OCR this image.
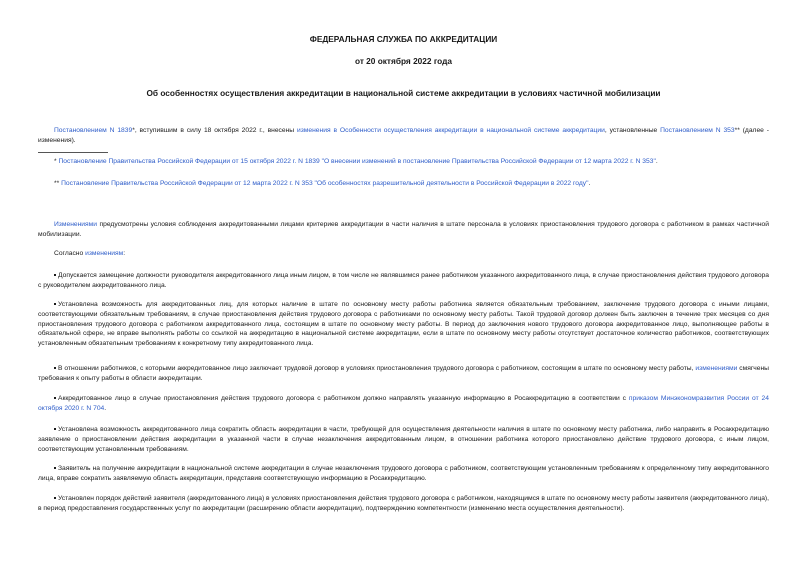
ФЕДЕРАЛЬНАЯ СЛУЖБА ПО АККРЕДИТАЦИИ
от 20 октября 2022 года
Об особенностях осуществления аккредитации в национальной системе аккредитации в условиях частичной мобилизации
Постановлением N 1839*, вступившим в силу 18 октября 2022 г., внесены изменения в Особенности осуществления аккредитации в национальной системе аккредитации, установленные Постановлением N 353** (далее - изменения).
* Постановление Правительства Российской Федерации от 15 октября 2022 г. N 1839 "О внесении изменений в постановление Правительства Российской Федерации от 12 марта 2022 г. N 353".
** Постановление Правительства Российской Федерации от 12 марта 2022 г. N 353 "Об особенностях разрешительной деятельности в Российской Федерации в 2022 году".
Изменениями предусмотрены условия соблюдения аккредитованными лицами критериев аккредитации в части наличия в штате персонала в условиях приостановления трудового договора с работником в рамках частичной мобилизации.
Согласно изменениям:
Допускается замещение должности руководителя аккредитованного лица иным лицом, в том числе не являвшимся ранее работником указанного аккредитованного лица, в случае приостановления действия трудового договора с руководителем аккредитованного лица.
Установлена возможность для аккредитованных лиц, для которых наличие в штате по основному месту работы работника является обязательным требованием, заключение трудового договора с иными лицами, соответствующими обязательным требованиям, в случае приостановления действия трудового договора с работниками по основному месту работы. Такой трудовой договор должен быть заключен в течение трех месяцев со дня приостановления трудового договора с работником аккредитованного лица, состоящим в штате по основному месту работы. В период до заключения нового трудового договора аккредитованное лицо, выполняющее работы в обязательной сфере, не вправе выполнять работы со ссылкой на аккредитацию в национальной системе аккредитации, если в штате по основному месту работы отсутствует достаточное количество работников, соответствующих установленным обязательным требованиям к конкретному типу аккредитованного лица.
В отношении работников, с которыми аккредитованное лицо заключает трудовой договор в условиях приостановления трудового договора с работником, состоящим в штате по основному месту работы, изменениями смягчены требования к опыту работы в области аккредитации.
Аккредитованное лицо в случае приостановления действия трудового договора с работником должно направлять указанную информацию в Росаккредитацию в соответствии с приказом Минэкономразвития России от 24 октября 2020 г. N 704.
Установлена возможность аккредитованного лица сократить область аккредитации в части, требующей для осуществления деятельности наличия в штате по основному месту работника, либо направить в Росаккредитацию заявление о приостановлении действия аккредитации в указанной части в случае незаключения аккредитованным лицом, в отношении работника которого приостановлено действие трудового договора, с иным лицом, соответствующим установленным требованиям.
Заявитель на получение аккредитации в национальной системе аккредитации в случае незаключения трудового договора с работником, соответствующим установленным требованиям к определенному типу аккредитованного лица, вправе сократить заявляемую область аккредитации, представив соответствующую информацию в Росаккредитацию.
Установлен порядок действий заявителя (аккредитованного лица) в условиях приостановления действия трудового договора с работником, находящимся в штате по основному месту работы заявителя (аккредитованного лица), в период предоставления государственных услуг по аккредитации (расширению области аккредитации), подтверждению компетентности (изменению места осуществления деятельности).
